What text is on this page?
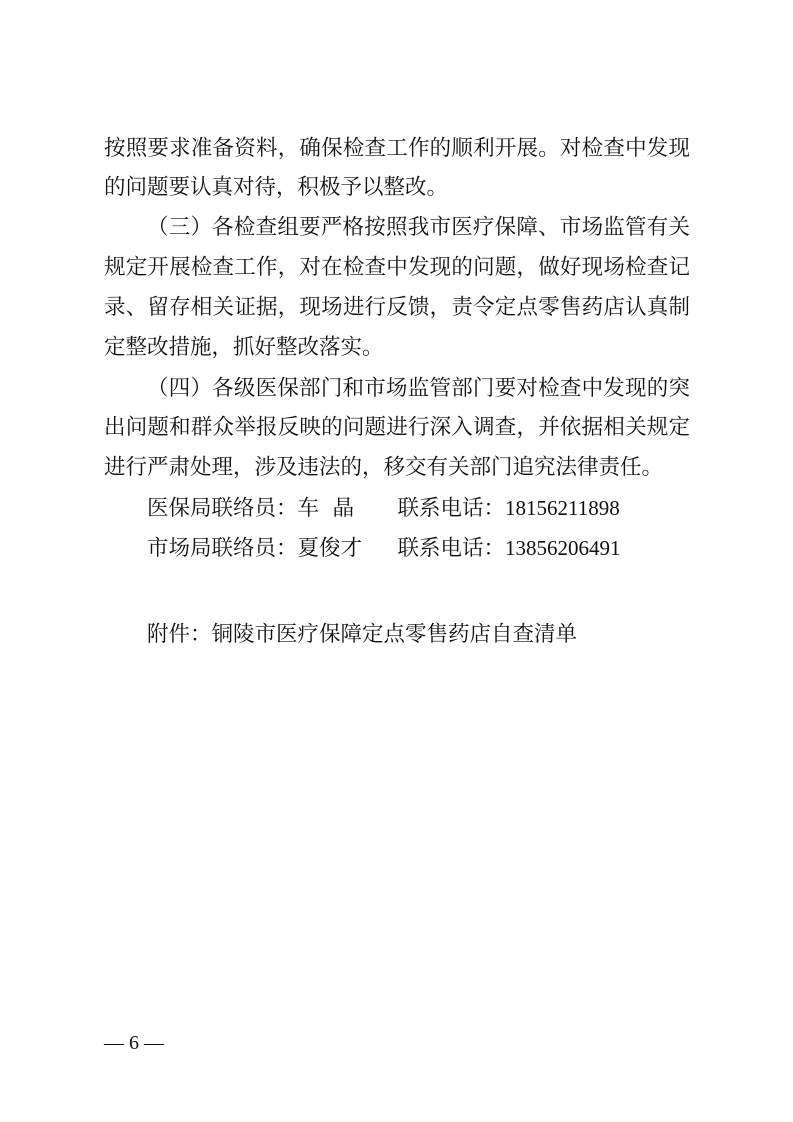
按照要求准备资料，确保检查工作的顺利开展。对检查中发现
的问题要认真对待，积极予以整改。
（三）各检查组要严格按照我市医疗保障、市场监管有关
规定开展检查工作，对在检查中发现的问题，做好现场检查记
录、留存相关证据，现场进行反馈，责令定点零售药店认真制
定整改措施，抓好整改落实。
（四）各级医保部门和市场监管部门要对检查中发现的突
出问题和群众举报反映的问题进行深入调查，并依据相关规定
进行严肃处理，涉及违法的，移交有关部门追究法律责任。
医保局联络员：车  晶 联系电话：18156211898
市场局联络员：夏俊才 联系电话：13856206491
附件：铜陵市医疗保障定点零售药店自查清单
— 6 —
